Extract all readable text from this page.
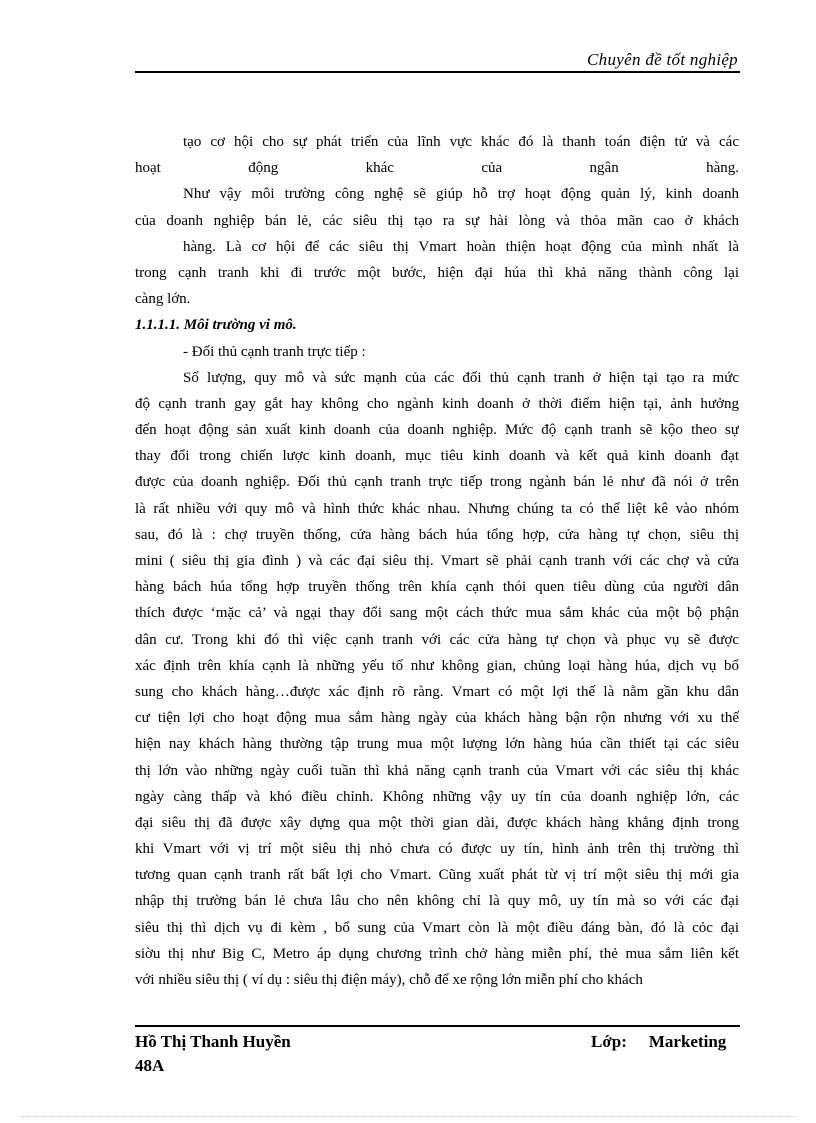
Chuyên đề tốt nghiệp
tạo cơ hội cho sự phát triển của lĩnh vực khác đó là thanh toán điện tử và các
hoạt động khác của ngân hàng.
Như vậy môi trường công nghệ sẽ giúp hỗ trợ hoạt động quản lý, kinh doanh
của doanh nghiệp bán lẻ, các siêu thị tạo ra sự hài lòng và thỏa mãn cao ở khách
hàng. Là cơ hội để các siêu thị Vmart hoàn thiện hoạt động của mình nhất là
trong cạnh tranh khi đi trước một bước, hiện đại húa thì khả năng thành công lại
càng lớn.
1.1.1.1. Môi trường vi mô.
- Đối thủ cạnh tranh trực tiếp :
Số lượng, quy mô và sức mạnh của các đối thủ cạnh tranh ở hiện tại tạo ra mức
độ cạnh tranh gay gắt hay không cho ngành kinh doanh ở thời điểm hiện tại, ảnh hưởng
đến hoạt động sản xuất kinh doanh của doanh nghiệp. Mức độ cạnh tranh sẽ kộo theo sự
thay đổi trong chiến lược kinh doanh, mục tiêu kinh doanh và kết quả kinh doanh đạt
được của doanh nghiệp. Đối thủ cạnh tranh trực tiếp trong ngành bán lẻ như đã nói ở trên
là rất nhiều với quy mô và hình thức khác nhau. Nhưng chúng ta có thể liệt kê vào nhóm
sau, đó là : chợ truyền thống, cửa hàng bách húa tổng hợp, cửa hàng tự chọn, siêu thị
mini ( siêu thị gia đình ) và các đại siêu thị. Vmart sẽ phải cạnh tranh với các chợ và cửa
hàng bách húa tổng hợp truyền thống trên khía cạnh thói quen tiêu dùng của người dân
thích được ‘mặc cả’ và ngại thay đổi sang một cách thức mua sắm khác của một bộ phận
dân cư. Trong khi đó thì việc cạnh tranh với các cửa hàng tự chọn và phục vụ sẽ được
xác định trên khía cạnh là những yếu tố như không gian, chủng loại hàng húa, dịch vụ bổ
sung cho khách hàng…được xác định rõ ràng. Vmart có một lợi thế là nằm gần khu dân
cư tiện lợi cho hoạt động mua sắm hàng ngày của khách hàng bận rộn nhưng với xu thế
hiện nay khách hàng thường tập trung mua một lượng lớn hàng húa cần thiết tại các siêu
thị lớn vào những ngày cuối tuần thì khả năng cạnh tranh của Vmart với các siêu thị khác
ngày càng thấp và khó điều chỉnh. Không những vậy uy tín của doanh nghiệp lớn, các
đại siêu thị đã được xây dựng qua một thời gian dài, được khách hàng khẳng định trong
khi Vmart với vị trí một siêu thị nhỏ chưa có được uy tín, hình ảnh trên thị trường thì
tương quan cạnh tranh rất bất lợi cho Vmart. Cũng xuất phát từ vị trí một siêu thị mới gia
nhập thị trường bán lẻ chưa lâu cho nên không chỉ là quy mô, uy tín mà so với các đại
siêu thị thì dịch vụ đi kèm , bổ sung của Vmart còn là một điều đáng bàn, đó là cỏc đại
siờu thị như Big C, Metro áp dụng chương trình chở hàng miễn phí, thẻ mua sắm liên kết
với nhiều siêu thị ( ví dụ : siêu thị điện máy), chỗ để xe rộng lớn miễn phí cho khách
Hồ Thị Thanh Huyền	Lớp: Marketing
48A
